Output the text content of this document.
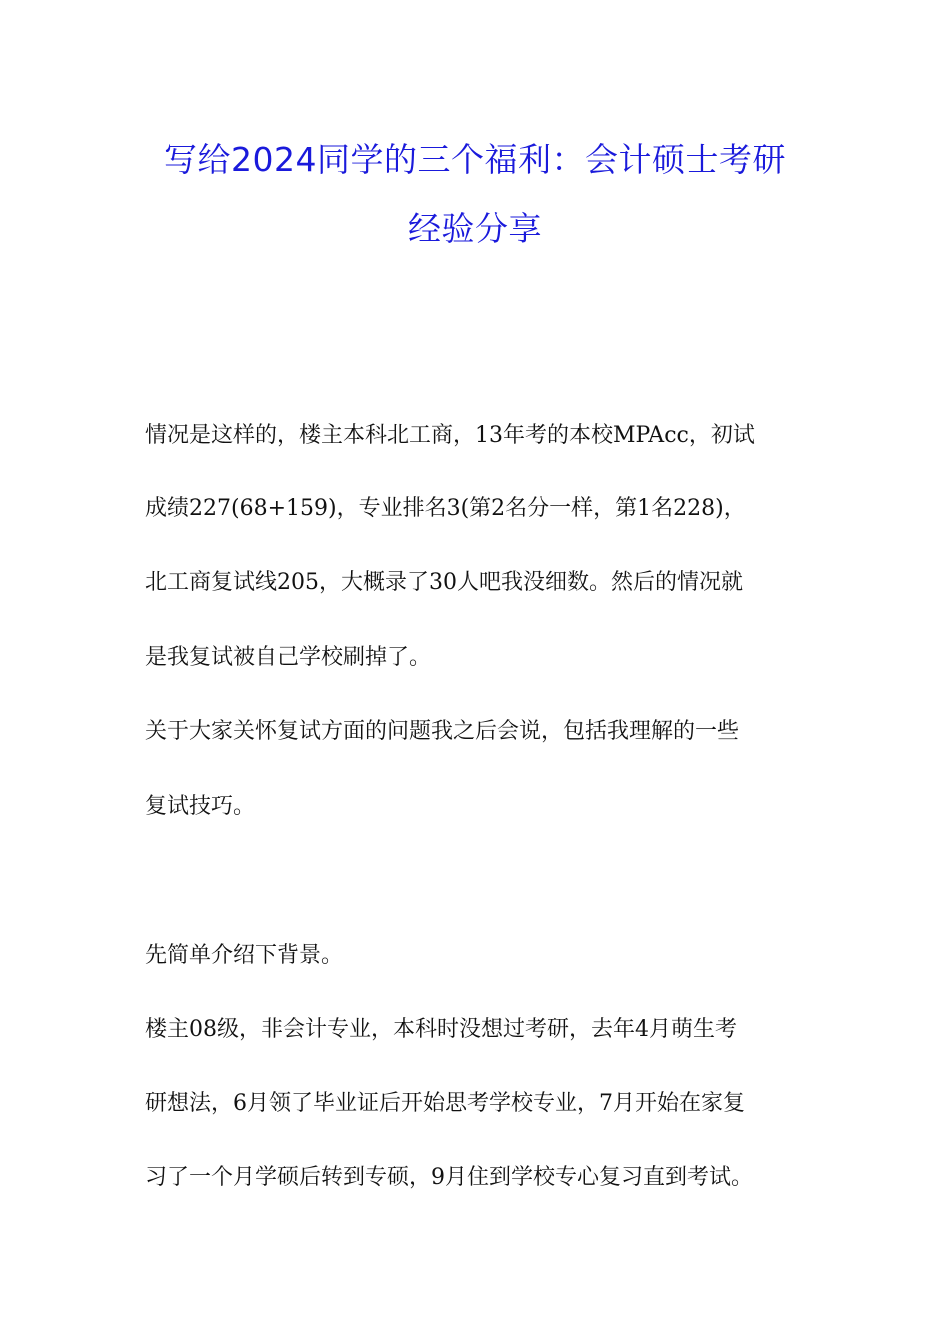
写给2024同学的三个福利：会计硕士考研
经验分享
情况是这样的，楼主本科北工商，13年考的本校MPAcc，初试
成绩227(68+159)，专业排名3(第2名分一样，第1名228)，
北工商复试线205，大概录了30人吧我没细数。然后的情况就
是我复试被自己学校刷掉了。
关于大家关怀复试方面的问题我之后会说，包括我理解的一些
复试技巧。
先简单介绍下背景。
楼主08级，非会计专业，本科时没想过考研，去年4月萌生考
研想法，6月领了毕业证后开始思考学校专业，7月开始在家复
习了一个月学硕后转到专硕，9月住到学校专心复习直到考试。
